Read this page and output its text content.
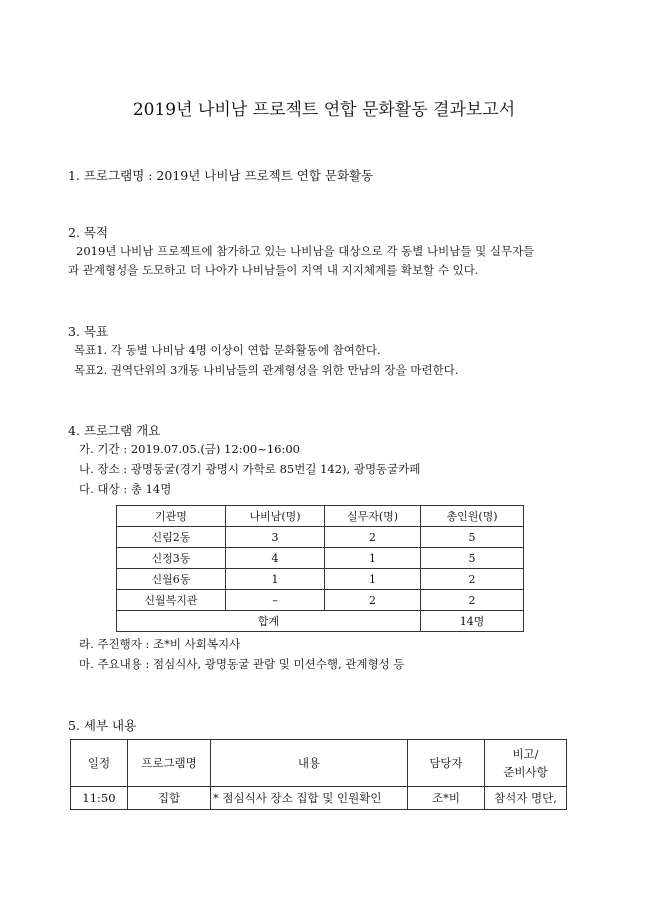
2019년 나비남 프로젝트 연합 문화활동 결과보고서
1. 프로그램명 : 2019년 나비남 프로젝트 연합 문화활동
2. 목적
2019년 나비남 프로젝트에 참가하고 있는 나비남을 대상으로 각 동별 나비남들 및 실무자들
과 관계형성을 도모하고 더 나아가 나비남들이 지역 내 지지체계를 확보할 수 있다.
3. 목표
목표1. 각 동별 나비남 4명 이상이 연합 문화활동에 참여한다.
목표2. 권역단위의 3개동 나비남들의 관계형성을 위한 만남의 장을 마련한다.
4. 프로그램 개요
가. 기간 : 2019.07.05.(금) 12:00~16:00
나. 장소 : 광명동굴(경기 광명시 가학로 85번길 142), 광명동굴카페
다. 대상 : 총 14명
기관명	나비남(명)	실무자(명)	총인원(명)
신림2동	3	2	5
신정3동	4	1	5
신월6동	1	1	2
신월복지관	–	2	2
합계			14명
라. 주진행자 : 조*비 사회복지사
마. 주요내용 : 점심식사, 광명동굴 관람 및 미션수행, 관계형성 등
5. 세부 내용
일정	프로그램명	내용	담당자	비고/
준비사항

11:50	집합	* 점심식사 장소 집합 및 인원확인	조*비	참석자 명단,
